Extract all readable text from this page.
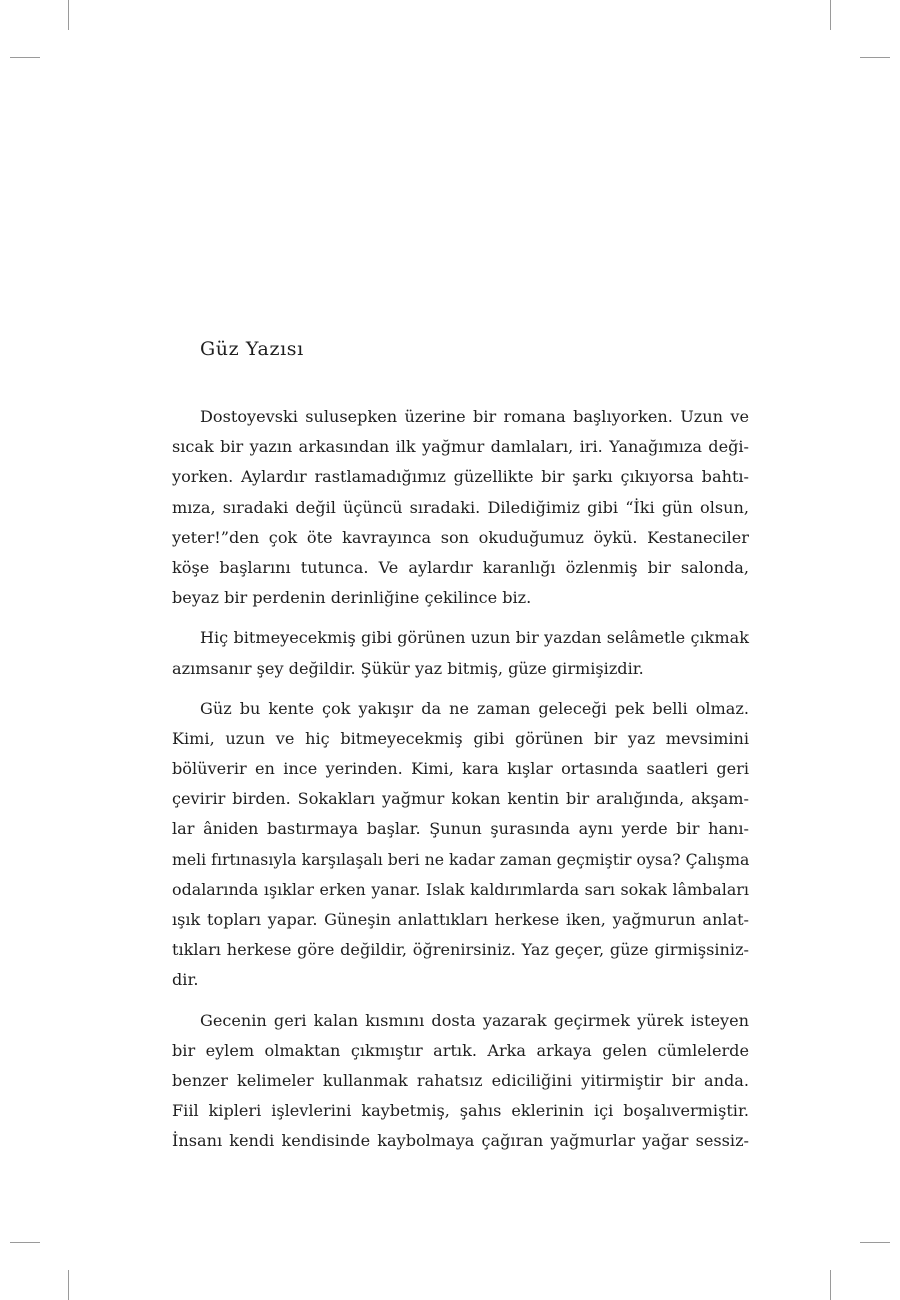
Güz Yazısı
Dostoyevski sulusepken üzerine bir romana başlıyorken. Uzun ve
sıcak bir yazın arkasından ilk yağmur damlaları, iri. Yanağımıza deği-
yorken. Aylardır rastlamadığımız güzellikte bir şarkı çıkıyorsa bahtı-
mıza, sıradaki değil üçüncü sıradaki. Dilediğimiz gibi “İki gün olsun,
yeter!”den çok öte kavrayınca son okuduğumuz öykü. Kestaneciler
köşe başlarını tutunca. Ve aylardır karanlığı özlenmiş bir salonda,
beyaz bir perdenin derinliğine çekilince biz.
Hiç bitmeyecekmiş gibi görünen uzun bir yazdan selâmetle çıkmak
azımsanır şey değildir. Şükür yaz bitmiş, güze girmişizdir.
Güz bu kente çok yakışır da ne zaman geleceği pek belli olmaz.
Kimi, uzun ve hiç bitmeyecekmiş gibi görünen bir yaz mevsimini
bölüverir en ince yerinden. Kimi, kara kışlar ortasında saatleri geri
çevirir birden. Sokakları yağmur kokan kentin bir aralığında, akşam-
lar âniden bastırmaya başlar. Şunun şurasında aynı yerde bir hanı-
meli fırtınasıyla karşılaşalı beri ne kadar zaman geçmiştir oysa? Çalışma
odalarında ışıklar erken yanar. Islak kaldırımlarda sarı sokak lâmbaları
ışık topları yapar. Güneşin anlattıkları herkese iken, yağmurun anlat-
tıkları herkese göre değildir, öğrenirsiniz. Yaz geçer, güze girmişsiniz-
dir.
Gecenin geri kalan kısmını dosta yazarak geçirmek yürek isteyen
bir eylem olmaktan çıkmıştır artık. Arka arkaya gelen cümlelerde
benzer kelimeler kullanmak rahatsız ediciliğini yitirmiştir bir anda.
Fiil kipleri işlevlerini kaybetmiş, şahıs eklerinin içi boşalıvermiştir.
İnsanı kendi kendisinde kaybolmaya çağıran yağmurlar yağar sessiz-
